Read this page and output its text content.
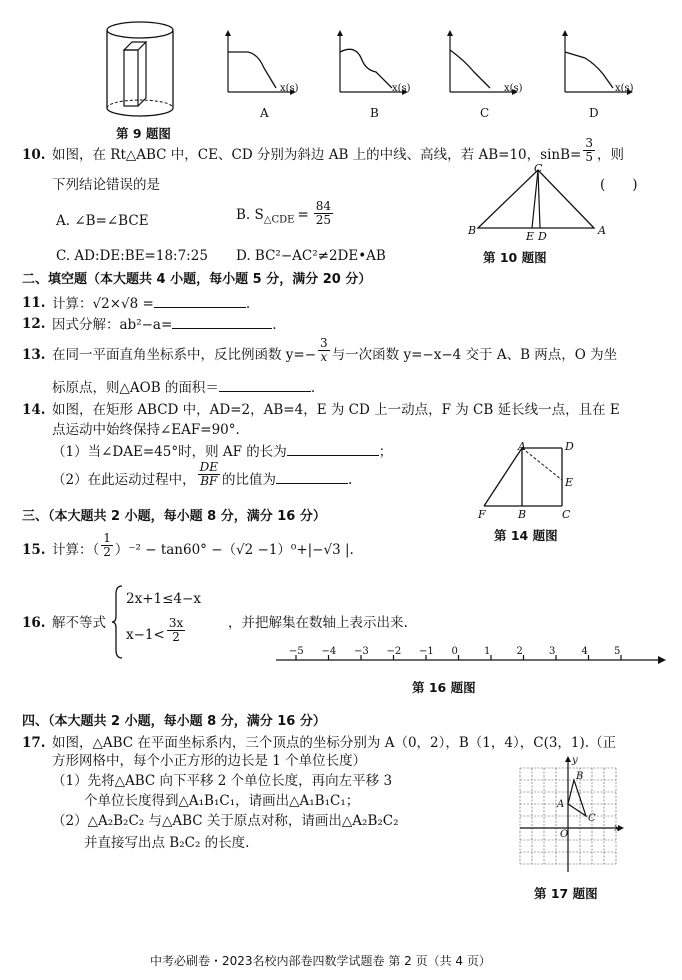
第 9 题图
A
x(s)
B
x(s)
C
x(s)
D
x(s)
10. 如图，在 Rt△ABC 中，CE、CD 分别为斜边 AB 上的中线、高线，若 AB=10，$\sin B= \frac{3}{5}$ ，则
下列结论错误的是	(　　)
A. ∠B=∠BCE	B. $S_{\triangle CDE} = \frac{84}{25}$
C. AD:DE:BE=18:7:25 D. BC²−AC²≠2DE•AB
C
B	E D	A
第 10 题图
二、填空题（本大题共 4 小题，每小题 5 分，满分 20 分）
11. 计算：√2×√8 =	.
12. 因式分解：ab²−a=	.
13. 在同一平面直角坐标系中，反比例函数 $y=- \frac{3}{x}$ 与一次函数 y=−x−4 交于 A、B 两点，O 为坐
标原点，则△AOB 的面积＝	.
14. 如图，在矩形 ABCD 中，AD=2，AB=4，E 为 CD 上一动点，F 为 CB 延长线一点，且在 E
点运动中始终保持∠EAF=90°.
（1）当∠DAE=45°时，则 AF 的长为	；
（2）在此运动过程中， $\frac{DE}{BF}$ 的比值为	.
A	D
E
F	B	C
第 14 题图
三、（本大题共 2 小题，每小题 8 分，满分 16 分）
15. 计算：（ $\frac{1}{2} )^{-2} - \tan 60^\circ -(√2 -1)^0+|-√3$ |.
16. 解不等式
2x+1≤4−x
$x-1< \frac{3x}{2}$	，并把解集在数轴上表示出来.
−5 −4 −3 −2 −1 0	1	2	3	4	5
第 16 题图
四、（本大题共 2 小题，每小题 8 分，满分 16 分）
17. 如图，△ABC 在平面坐标系内，三个顶点的坐标分别为 A（0，2），B（1，4），C(3，1).（正
方形网格中，每个小正方形的边长是 1 个单位长度）
（1）先将△ABC 向下平移 2 个单位长度，再向左平移 3
个单位长度得到△A₁B₁C₁，请画出△A₁B₁C₁；
（2）△A₂B₂C₂ 与△ABC 关于原点对称，请画出△A₂B₂C₂
并直接写出点 B₂C₂ 的长度.
y
x
O
A
B
C
第 17 题图
中考必刷卷・2023名校内部卷四数学试题卷 第 2 页（共 4 页）
